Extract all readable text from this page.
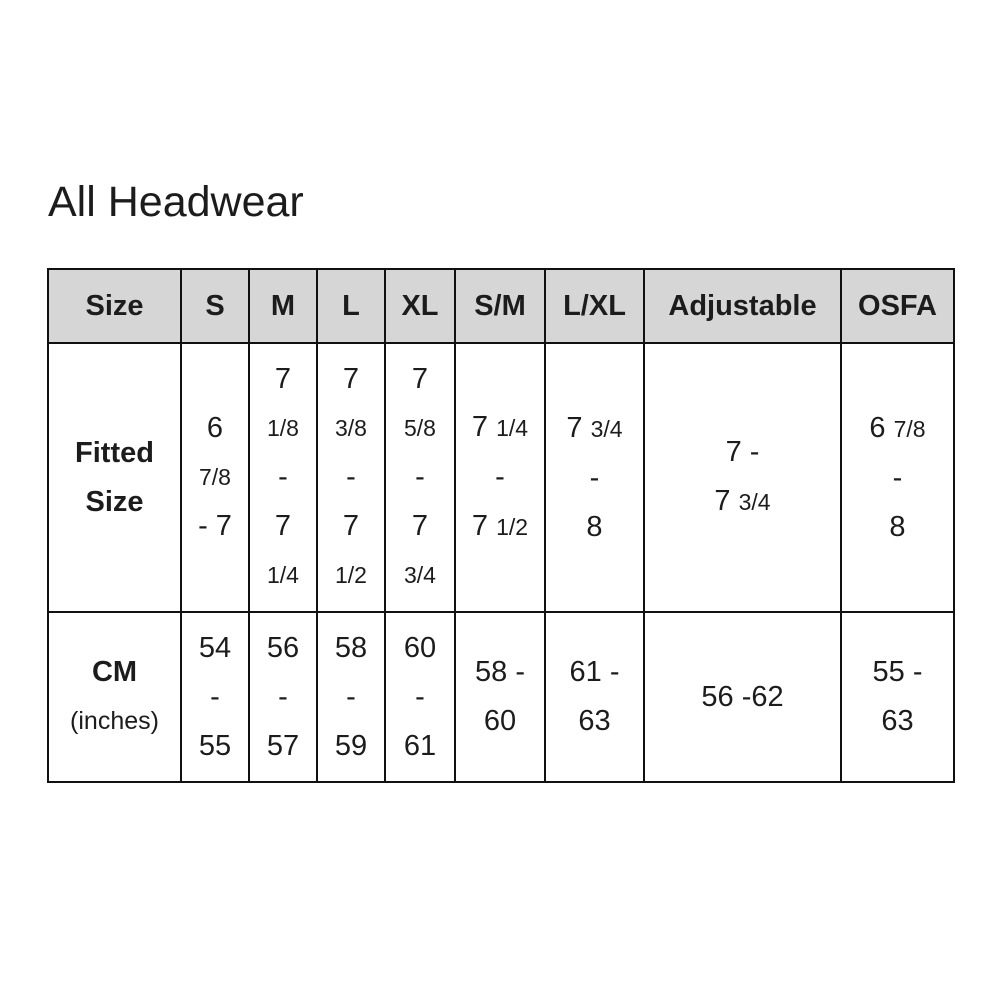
All Headwear
Size	S	M	L	XL	S/M	L/XL	Adjustable	OSFA

Fitted
Size	6
7/8
- 7	7
1/8
-
7
1/4	7
3/8
-
7
1/2	7
5/8
-
7
3/4	7 1/4
-
7 1/2	7 3/4
-
8	7 -
7 3/4	6 7/8
-
8

CM
(inches)	54
-
55	56
-
57	58
-
59	60
-
61	58 -
60	61 -
63	56 -62	55 -
63
